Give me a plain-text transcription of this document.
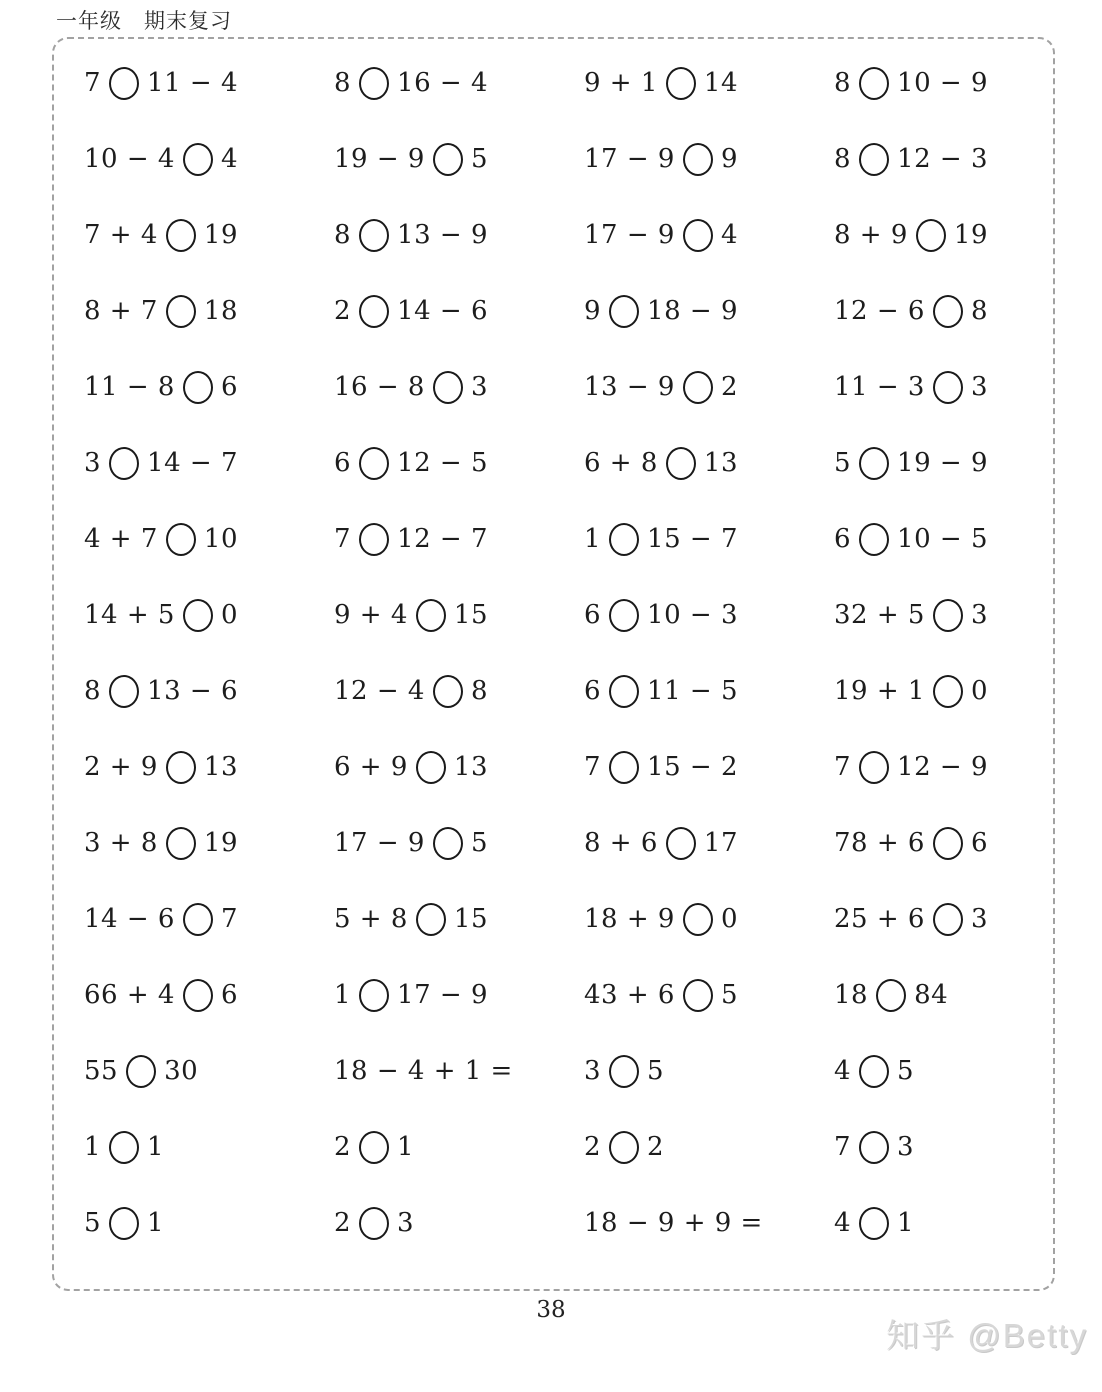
一年级　期末复习
7 11 − 4	8 16 − 4	9 + 1 14	8 10 − 9
10 − 4 4	19 − 9 5	17 − 9 9	8 12 − 3
7 + 4 19	8 13 − 9	17 − 9 4	8 + 9 19
8 + 7 18	2 14 − 6	9 18 − 9	12 − 6 8
11 − 8 6	16 − 8 3	13 − 9 2	11 − 3 3
3 14 − 7	6 12 − 5	6 + 8 13	5 19 − 9
4 + 7 10	7 12 − 7	1 15 − 7	6 10 − 5
14 + 5 0	9 + 4 15	6 10 − 3	32 + 5 3
8 13 − 6	12 − 4 8	6 11 − 5	19 + 1 0
2 + 9 13	6 + 9 13	7 15 − 2	7 12 − 9
3 + 8 19	17 − 9 5	8 + 6 17	78 + 6 6
14 − 6 7	5 + 8 15	18 + 9 0	25 + 6 3
66 + 4 6	1 17 − 9	43 + 6 5	18 84
55 30	18 − 4 + 1 =	3 5	4 5
1 1	2 1	2 2	7 3
5 1	2 3	18 − 9 + 9 =	4 1
38
知乎 @Betty
